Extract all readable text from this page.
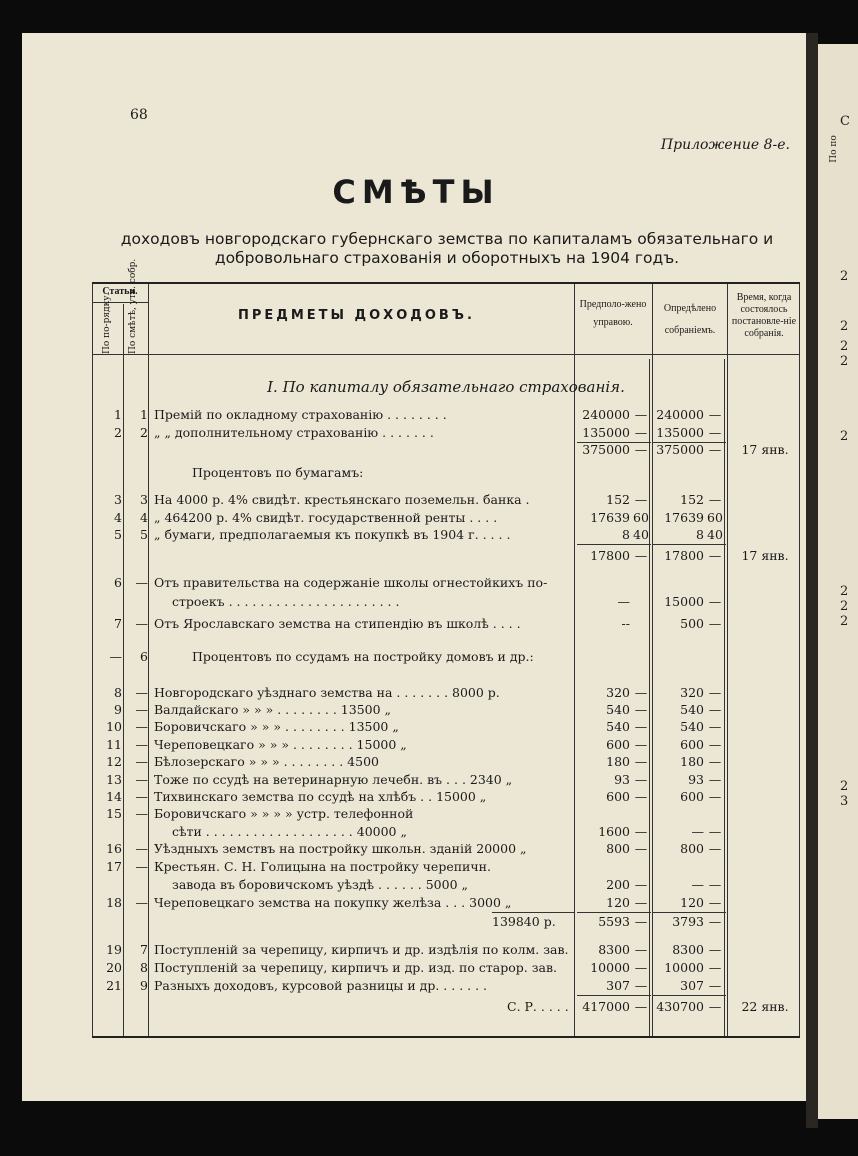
68
Приложение 8-е.
СМѢТЫ
доходовъ новгородскаго губернскаго земства по капиталамъ обязательнаго и добровольнаго страхованія и оборотныхъ на 1904 годъ.
Статьи.
По по-рядку. По смѣтѣ, утв. собр.	ПРЕДМЕТЫ ДОХОДОВЪ.
Предполо-жено управою.
Опредѣлено собраніемъ.
Время, когда состоялось постановле-ніе собранія.
I. По капиталу обязательнаго страхованія.
1	1 Премій по окладному страхованію . . . . . . . .	240000 — 240000 —
2	2 „ „ дополнительному страхованію . . . . . . .	135000 — 135000 —
375000 — 375000 —	17 янв.
Процентовъ по бумагамъ:
3	3 На 4000 р. 4% свидѣт. крестьянскаго поземельн. банка .	152 —	152 —
4	4 „ 464200 р. 4% свидѣт. государственной ренты . . . .	17639 60	17639 60
5	5 „ бумаги, предполагаемыя къ покупкѣ въ 1904 г. . . . .	8 40	8 40
17800 —	17800 —	17 янв.
6	— Отъ правительства на содержаніе школы огнестойкихъ по-
строекъ . . . . . . . . . . . . . . . . . . . . . .	—	15000 —
7	— Отъ Ярославскаго земства на стипендію въ школѣ . . . .	--	500 —
—	6	Процентовъ по ссудамъ на постройку домовъ и др.:
8	— Новгородскаго уѣзднаго земства на . . . . . . . 8000 р.	320 —	320 —
9	— Валдайскаго » » » . . . . . . . . 13500 „	540 —	540 —
10	— Боровичскаго » » » . . . . . . . . 13500 „	540 —	540 —
11	— Череповецкаго » » » . . . . . . . . 15000 „	600 —	600 —
12	— Бѣлозерскаго » » » . . . . . . . . 4500	180 —	180 —
13	— Тоже по ссудѣ на ветеринарную лечебн. въ . . . 2340 „	93 —	93 —
14	— Тихвинскаго земства по ссудѣ на хлѣбъ . . 15000 „	600 —	600 —
15	— Боровичскаго » » » » устр. телефонной
сѣти . . . . . . . . . . . . . . . . . . . 40000 „	1600 —	— —
16	— Уѣздныхъ земствъ на постройку школьн. зданій 20000 „	800 —	800 —
17	— Крестьян. С. Н. Голицына на постройку черепичн.
завода въ боровичскомъ уѣздѣ . . . . . . 5000 „	200 —	— —
18	— Череповецкаго земства на покупку желѣза . . . 3000 „	120 —	120 —
139840 р.	5593 —	3793 —
19	7 Поступленій за черепицу, кирпичъ и др. издѣлія по колм. зав.	8300 —	8300 —
20	8 Поступленій за черепицу, кирпичъ и др. изд. по старор. зав.	10000 —	10000 —
21	9 Разныхъ доходовъ, курсовой разницы и др. . . . . . .	307 —	307 —
С. Р. . . . .	417000 — 430700 —	22 янв.
С
По по
2
2
2
2
2
2
2
2
2
3
